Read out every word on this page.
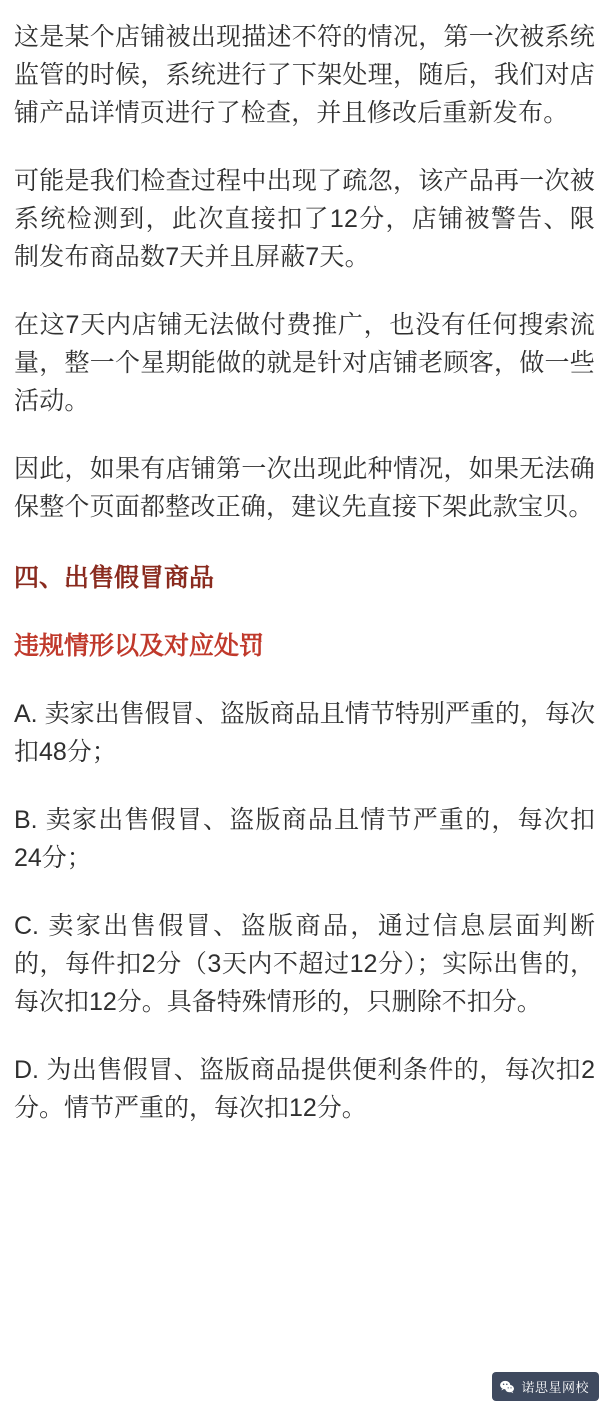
这是某个店铺被出现描述不符的情况，第一次被系统监管的时候，系统进行了下架处理，随后，我们对店铺产品详情页进行了检查，并且修改后重新发布。

可能是我们检查过程中出现了疏忽，该产品再一次被系统检测到，此次直接扣了12分，店铺被警告、限制发布商品数7天并且屏蔽7天。

在这7天内店铺无法做付费推广，也没有任何搜索流量，整一个星期能做的就是针对店铺老顾客，做一些活动。

因此，如果有店铺第一次出现此种情况，如果无法确保整个页面都整改正确，建议先直接下架此款宝贝。

四、出售假冒商品
违规情形以及对应处罚

A. 卖家出售假冒、盗版商品且情节特别严重的，每次扣48分；

B. 卖家出售假冒、盗版商品且情节严重的，每次扣24分；

C. 卖家出售假冒、盗版商品，通过信息层面判断的，每件扣2分（3天内不超过12分）；实际出售的，每次扣12分。具备特殊情形的，只删除不扣分。

D. 为出售假冒、盗版商品提供便利条件的，每次扣2分。情节严重的，每次扣12分。

诺思星网校
